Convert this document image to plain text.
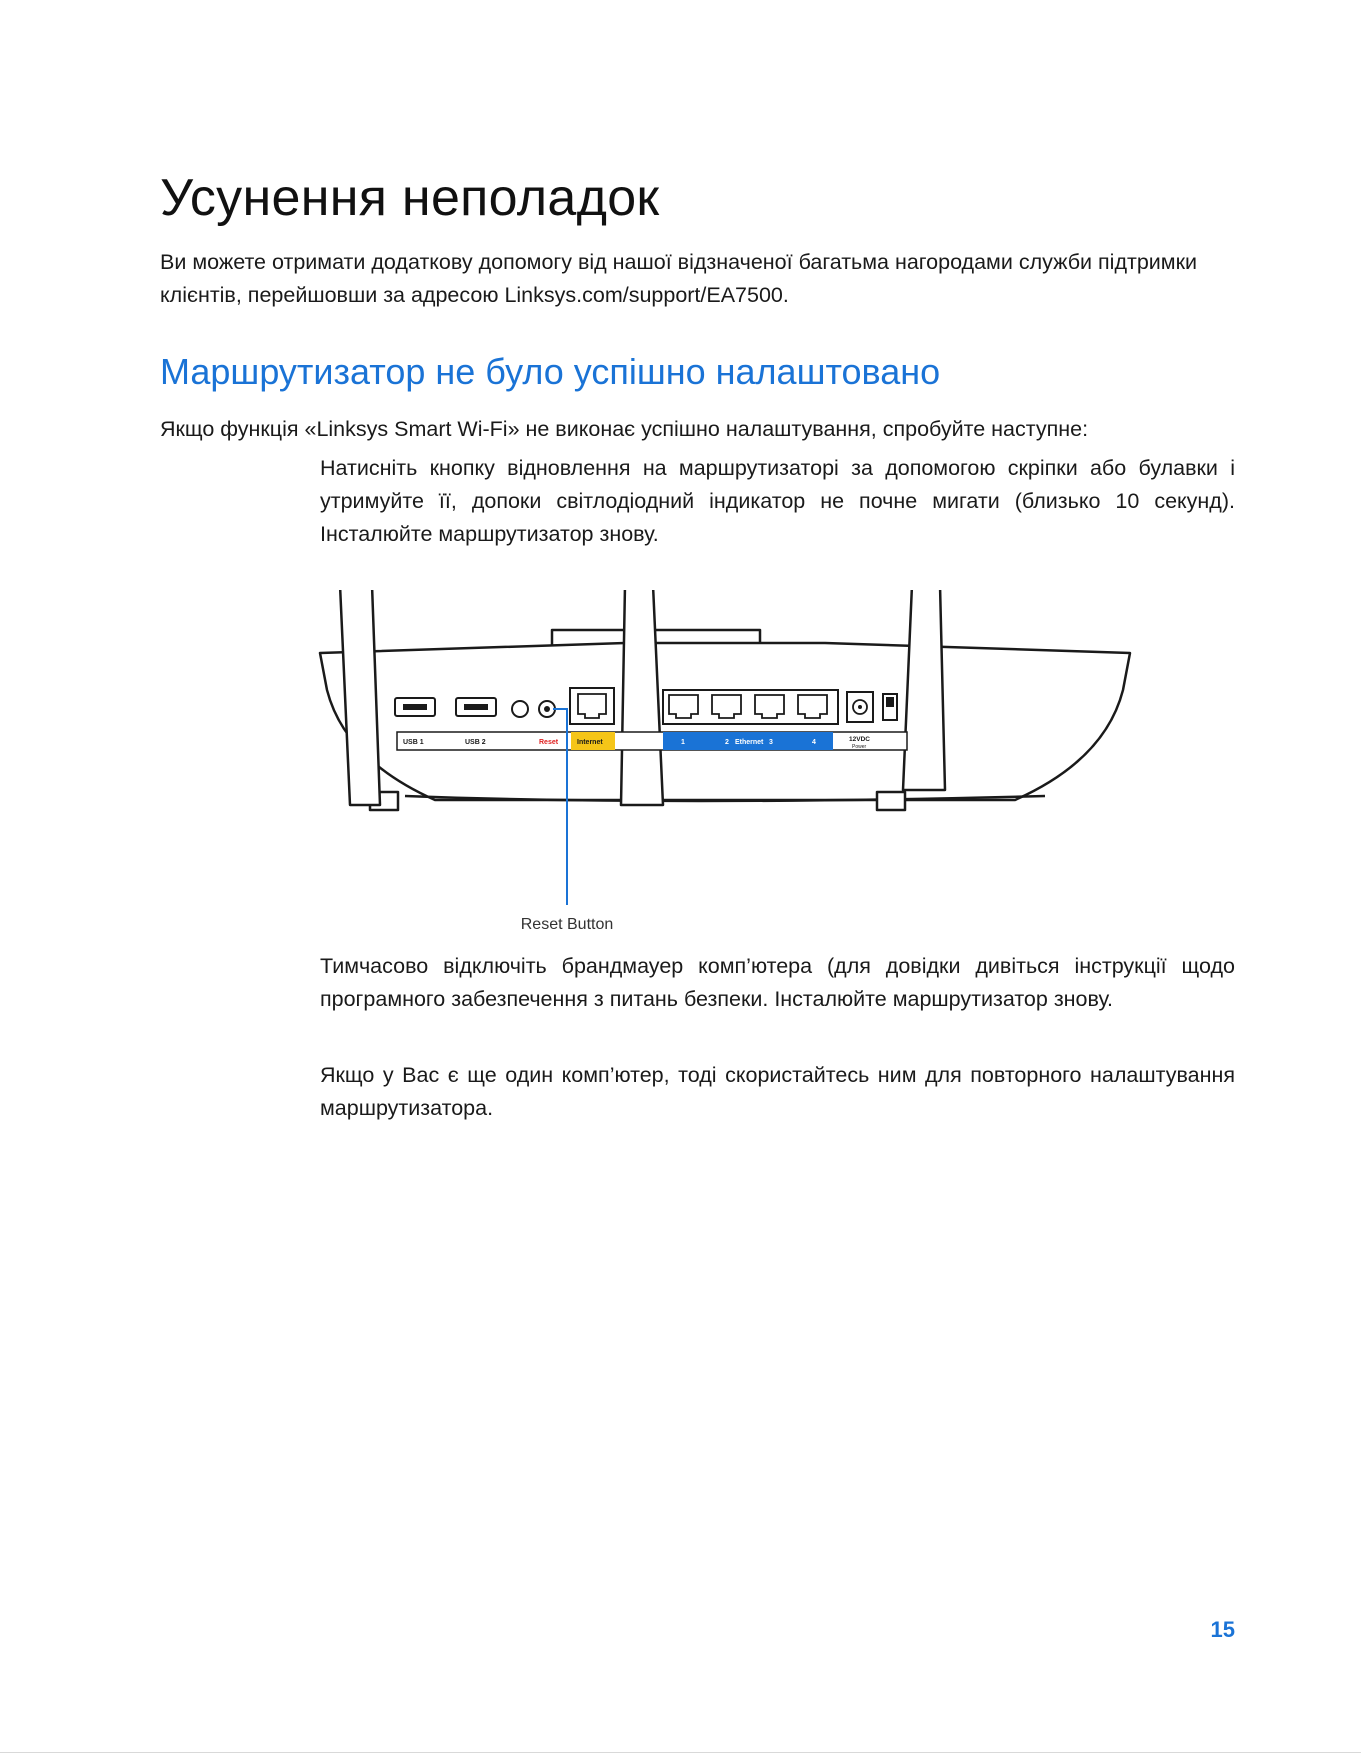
Усунення неполадок

Ви можете отримати додаткову допомогу від нашої відзначеної багатьма нагородами служби підтримки клієнтів, перейшовши за адресою Linksys.com/support/EA7500.

Маршрутизатор не було успішно налаштовано

Якщо функція «Linksys Smart Wi-Fi» не виконає успішно налаштування, спробуйте наступне:

Натисніть кнопку відновлення на маршрутизаторі за допомогою скріпки або булавки і утримуйте її, допоки світлодіодний індикатор не почне мигати (близько 10 секунд). Інсталюйте маршрутизатор знову.

USB 1	USB 2	Reset	Internet	1	2 Ethernet 3	4	12VDC
Power
Reset Button

Тимчасово відключіть брандмауер комп’ютера (для довідки дивіться інструкції щодо програмного забезпечення з питань безпеки. Інсталюйте маршрутизатор знову.

Якщо у Вас є ще один комп’ютер, тоді скористайтесь ним для повторного налаштування маршрутизатора.

15
